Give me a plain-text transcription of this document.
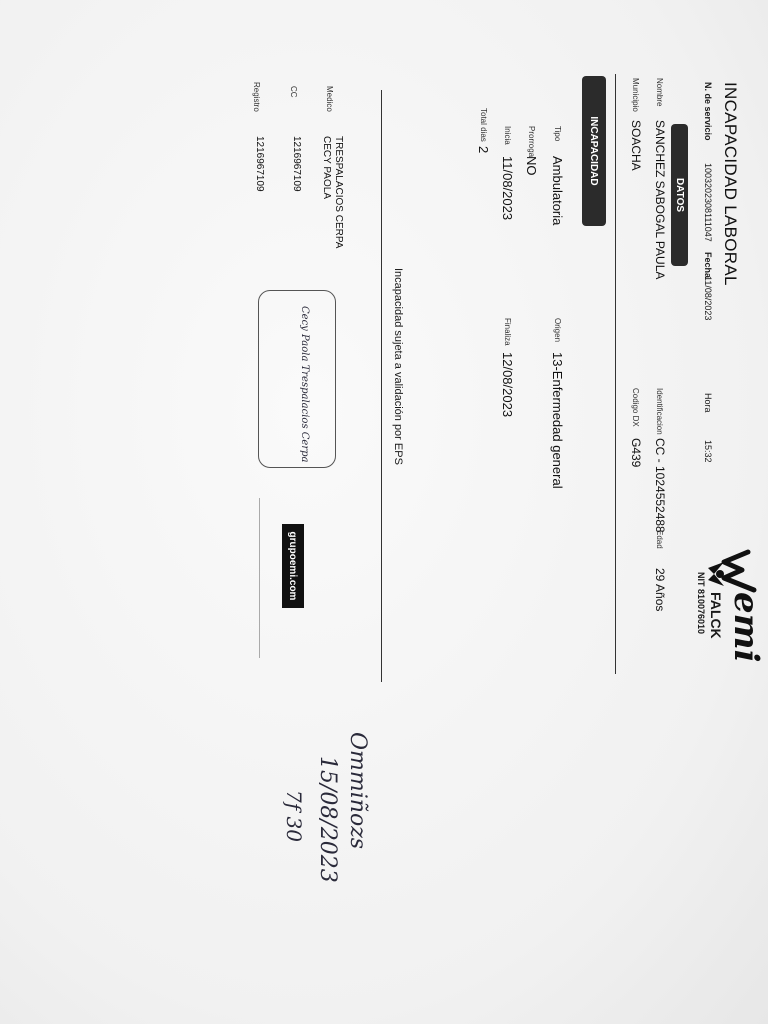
INCAPACIDAD LABORAL
N. de servicio
1003202308111047
Fecha
11/08/2023
Hora
15:32
emi
FALCK
NIT 810076010
DATOS
Nombre
SANCHEZ SABOGAL PAULA
Identificacion
CC - 1024552488
Edad
29 Años
Municipio
SOACHA
Codigo DX
G439
INCAPACIDAD
Tipo
Ambulatoria
Origen
13-Enfermedad general
Prorroga
NO
Inicia
11/08/2023
Finaliza
12/08/2023
Total dias
2
Incapacidad sujeta a validación por EPS
Medico
TRESPALACIOS CERPA
CECY PAOLA
CC
1216967109
Registro
1216967109
Cecy Paola Trespalacios Cerpa
grupoemi.com
Ommiñozs
15/08/2023
7f 30
